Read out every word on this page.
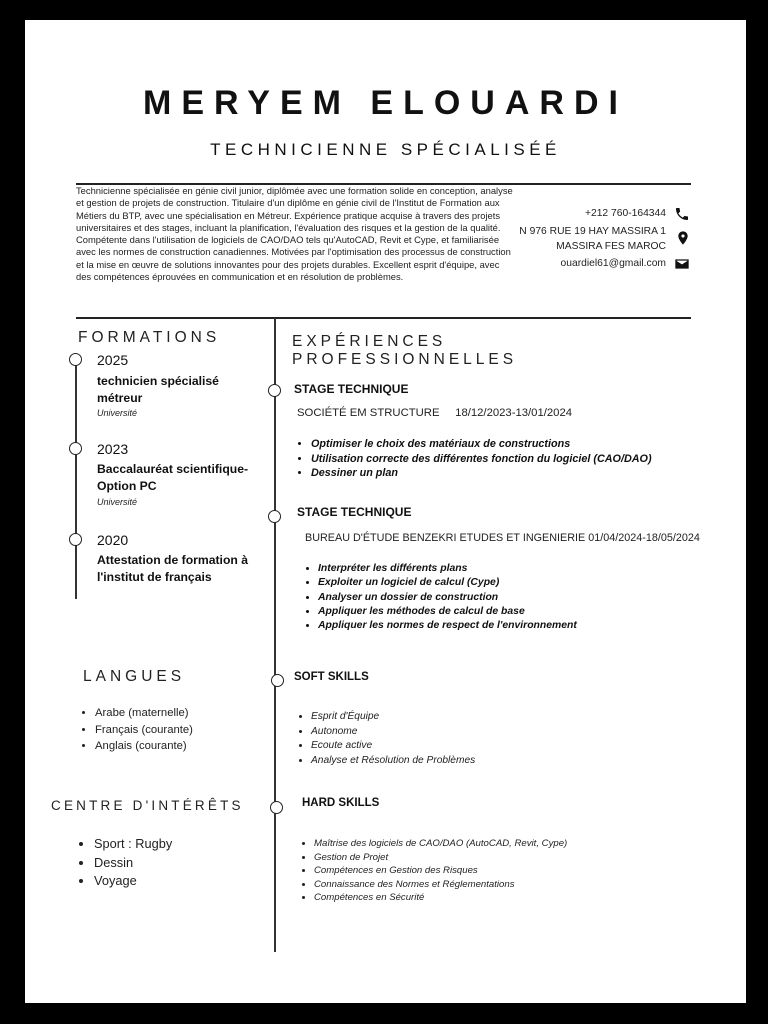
MERYEM ELOUARDI
TECHNICIENNE SPÉCIALISÉÉ
Technicienne spécialisée en génie civil junior, diplômée avec une formation solide en conception, analyse et gestion de projets de construction. Titulaire d'un diplôme en génie civil de l'Institut de Formation aux Métiers du BTP, avec une spécialisation en Métreur. Expérience pratique acquise à travers des projets universitaires et des stages, incluant la planification, l'évaluation des risques et la gestion de la qualité. Compétente dans l'utilisation de logiciels de CAO/DAO tels qu'AutoCAD, Revit et Cype, et familiarisée avec les normes de construction canadiennes. Motivées par l'optimisation des processus de construction et la mise en œuvre de solutions innovantes pour des projets durables. Excellent esprit d'équipe, avec des compétences éprouvées en communication et en résolution de problèmes.
+212 760-164344
N 976 RUE 19 HAY MASSIRA 1
MASSIRA FES MAROC
ouardiel61@gmail.com
FORMATIONS
2025
technicien spécialisé métreur
Université
2023
Baccalauréat scientifique-Option PC
Université
2020
Attestation de formation à l'institut de français
EXPÉRIENCES
PROFESSIONNELLES
STAGE TECHNIQUE
SOCIÉTÉ EM STRUCTURE     18/12/2023-13/01/2024
• Optimiser le choix des matériaux de constructions
• Utilisation correcte des différentes fonction du logiciel (CAO/DAO)
• Dessiner un plan
STAGE TECHNIQUE
BUREAU D'ÉTUDE BENZEKRI ETUDES ET INGENIERIE 01/04/2024-18/05/2024
• Interpréter les différents plans
• Exploiter un logiciel de calcul (Cype)
• Analyser un dossier de construction
• Appliquer les méthodes de calcul de base
• Appliquer les normes de respect de l'environnement
SOFT SKILLS
• Esprit d'Équipe
• Autonome
• Ecoute active
• Analyse et Résolution de Problèmes
HARD SKILLS
• Maîtrise des logiciels de CAO/DAO (AutoCAD, Revit, Cype)
• Gestion de Projet
• Compétences en Gestion des Risques
• Connaissance des Normes et Réglementations
• Compétences en Sécurité
LANGUES
• Arabe (maternelle)
• Français (courante)
• Anglais (courante)
CENTRE D'INTÉRÊTS
• Sport : Rugby
• Dessin
• Voyage
